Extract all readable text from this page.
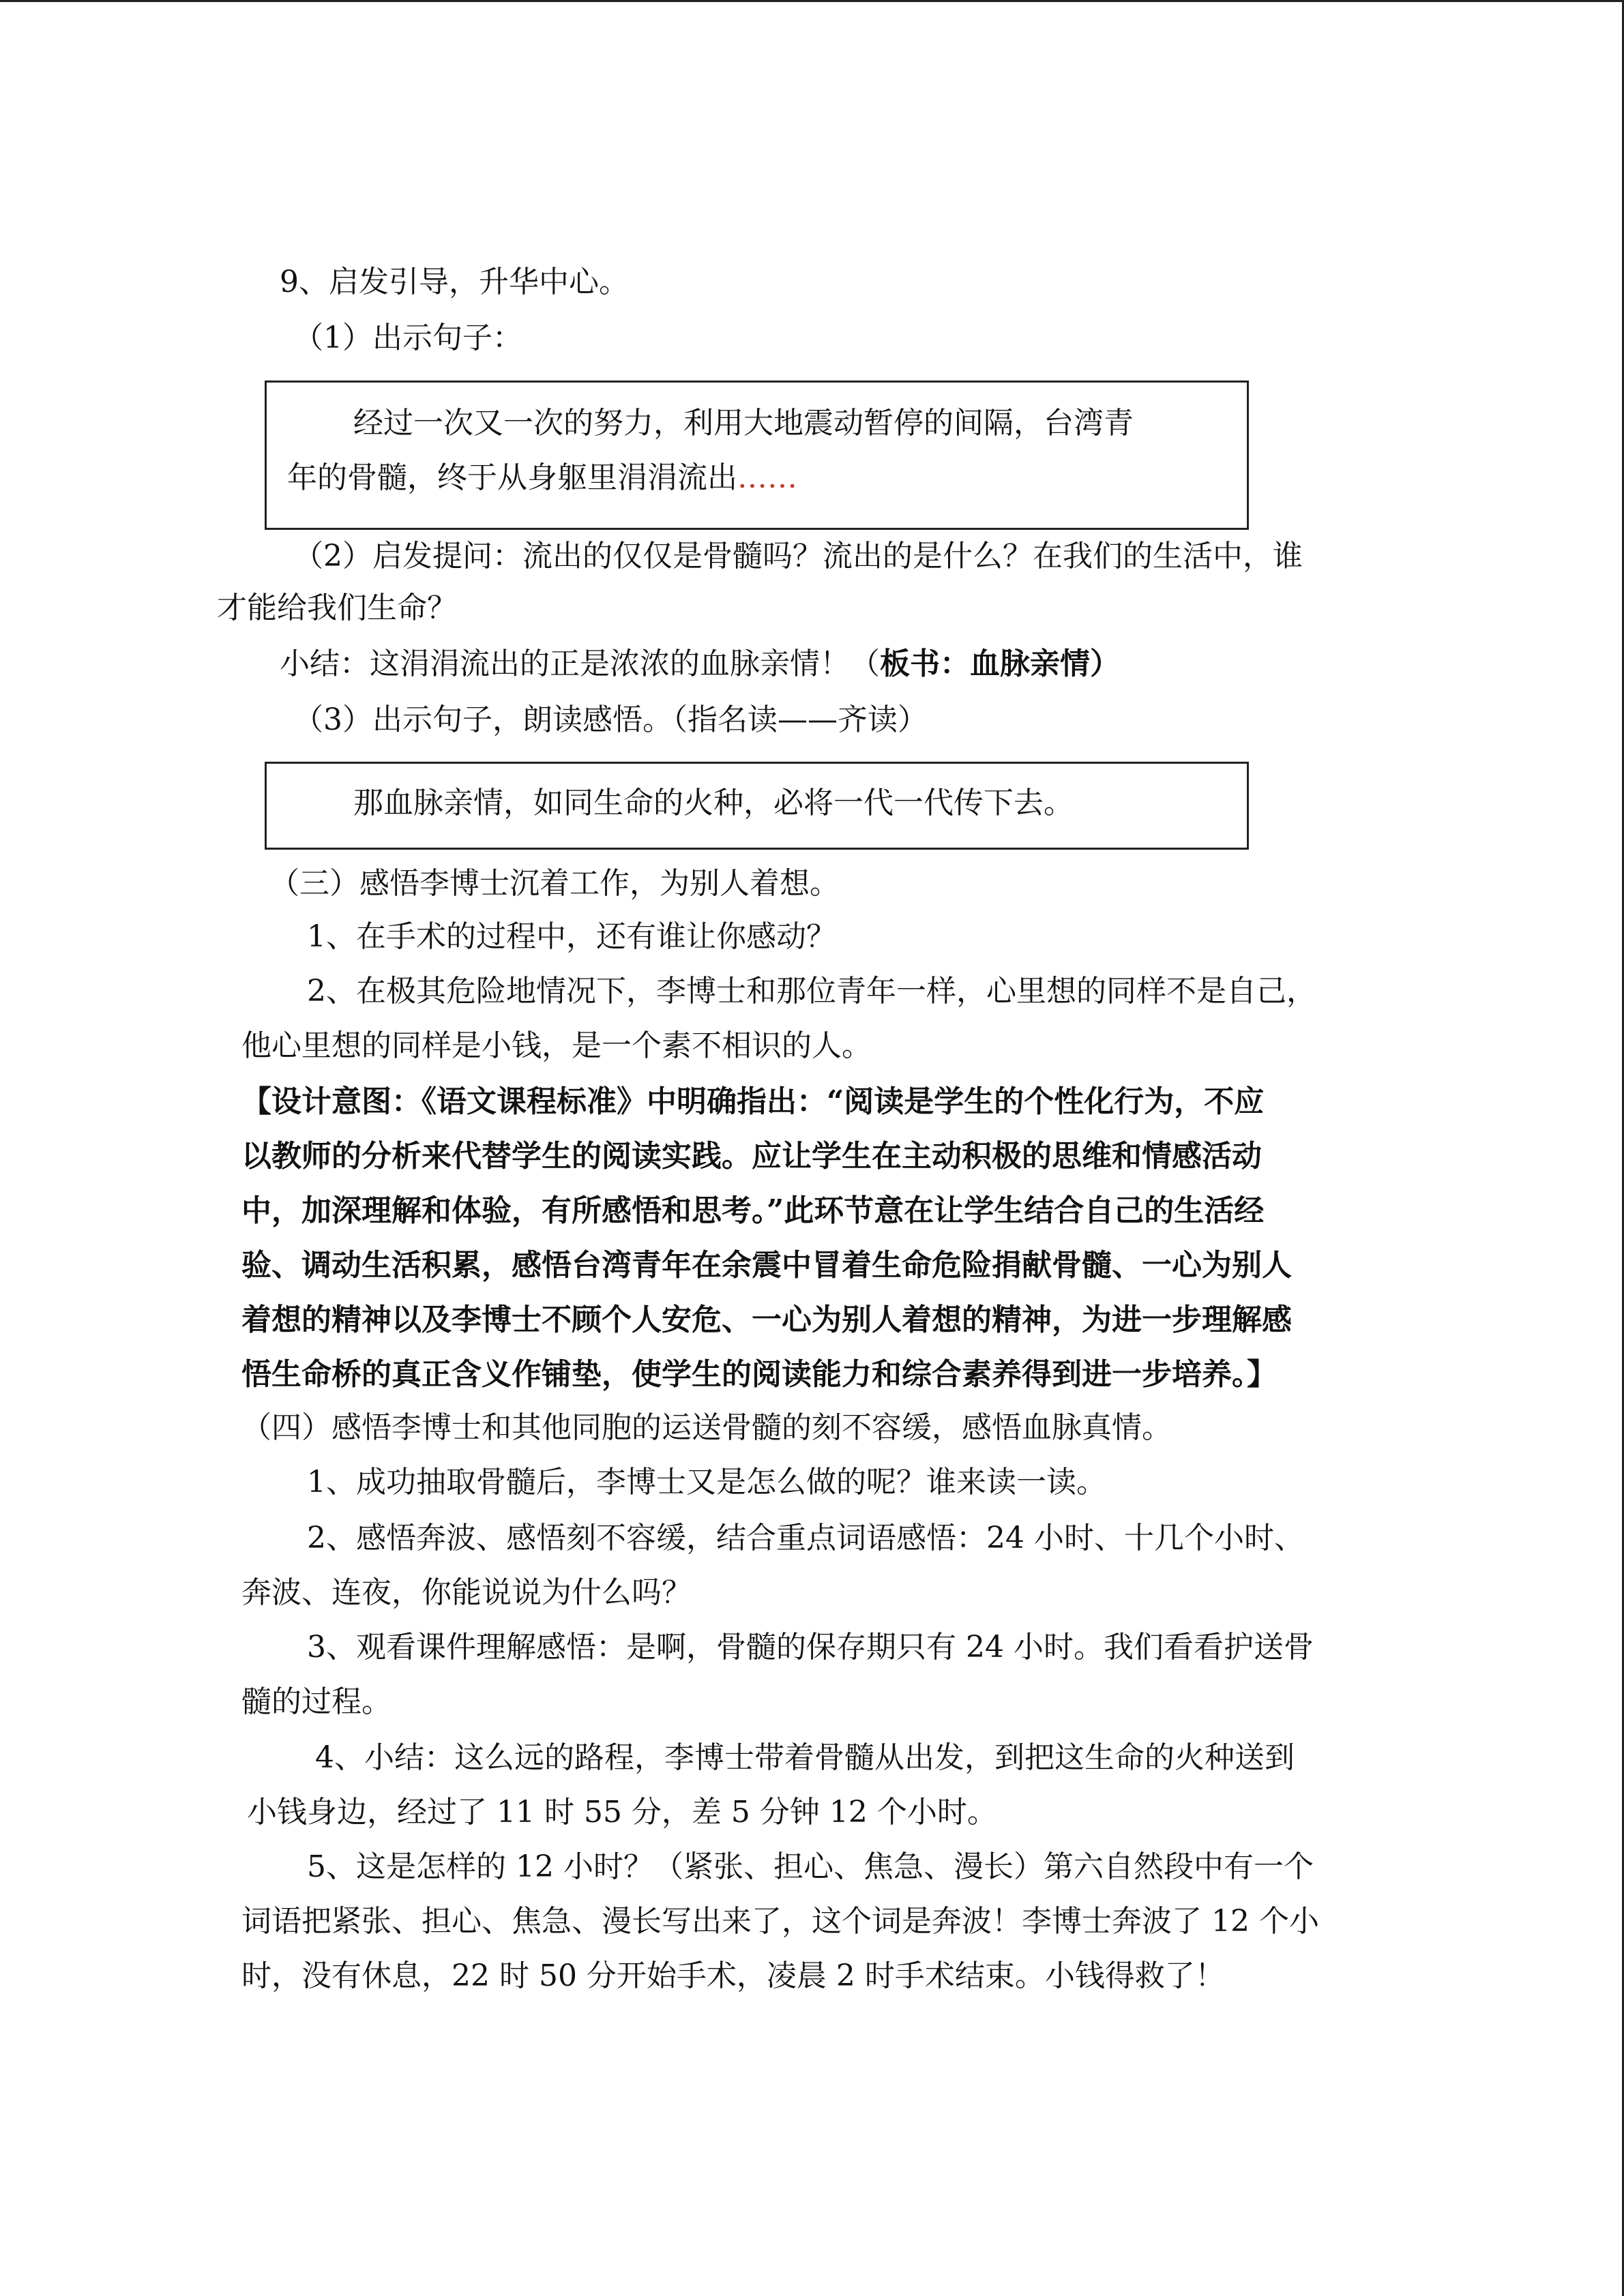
9、启发引导，升华中心。
（1）出示句子：
经过一次又一次的努力，利用大地震动暂停的间隔，台湾青
年的骨髓，终于从身躯里涓涓流出……
（2）启发提问：流出的仅仅是骨髓吗？流出的是什么？在我们的生活中，谁
才能给我们生命？
小结：这涓涓流出的正是浓浓的血脉亲情！（板书：血脉亲情）
（3）出示句子，朗读感悟。（指名读——齐读）
那血脉亲情，如同生命的火种，必将一代一代传下去。
（三）感悟李博士沉着工作，为别人着想。
1、在手术的过程中，还有谁让你感动？
2、在极其危险地情况下，李博士和那位青年一样，心里想的同样不是自己，
他心里想的同样是小钱，是一个素不相识的人。
【设计意图：《语文课程标准》中明确指出：“阅读是学生的个性化行为，不应
以教师的分析来代替学生的阅读实践。应让学生在主动积极的思维和情感活动
中，加深理解和体验，有所感悟和思考。”此环节意在让学生结合自己的生活经
验、调动生活积累，感悟台湾青年在余震中冒着生命危险捐献骨髓、一心为别人
着想的精神以及李博士不顾个人安危、一心为别人着想的精神，为进一步理解感
悟生命桥的真正含义作铺垫，使学生的阅读能力和综合素养得到进一步培养。】
（四）感悟李博士和其他同胞的运送骨髓的刻不容缓，感悟血脉真情。
1、成功抽取骨髓后，李博士又是怎么做的呢？谁来读一读。
2、感悟奔波、感悟刻不容缓，结合重点词语感悟：24 小时、十几个小时、
奔波、连夜，你能说说为什么吗？
3、观看课件理解感悟：是啊，骨髓的保存期只有 24 小时。我们看看护送骨
髓的过程。
4、小结：这么远的路程，李博士带着骨髓从出发，到把这生命的火种送到
小钱身边，经过了 11 时 55 分，差 5 分钟 12 个小时。
5、这是怎样的 12 小时？（紧张、担心、焦急、漫长）第六自然段中有一个
词语把紧张、担心、焦急、漫长写出来了，这个词是奔波！李博士奔波了 12 个小
时，没有休息，22 时 50 分开始手术，凌晨 2 时手术结束。小钱得救了！
